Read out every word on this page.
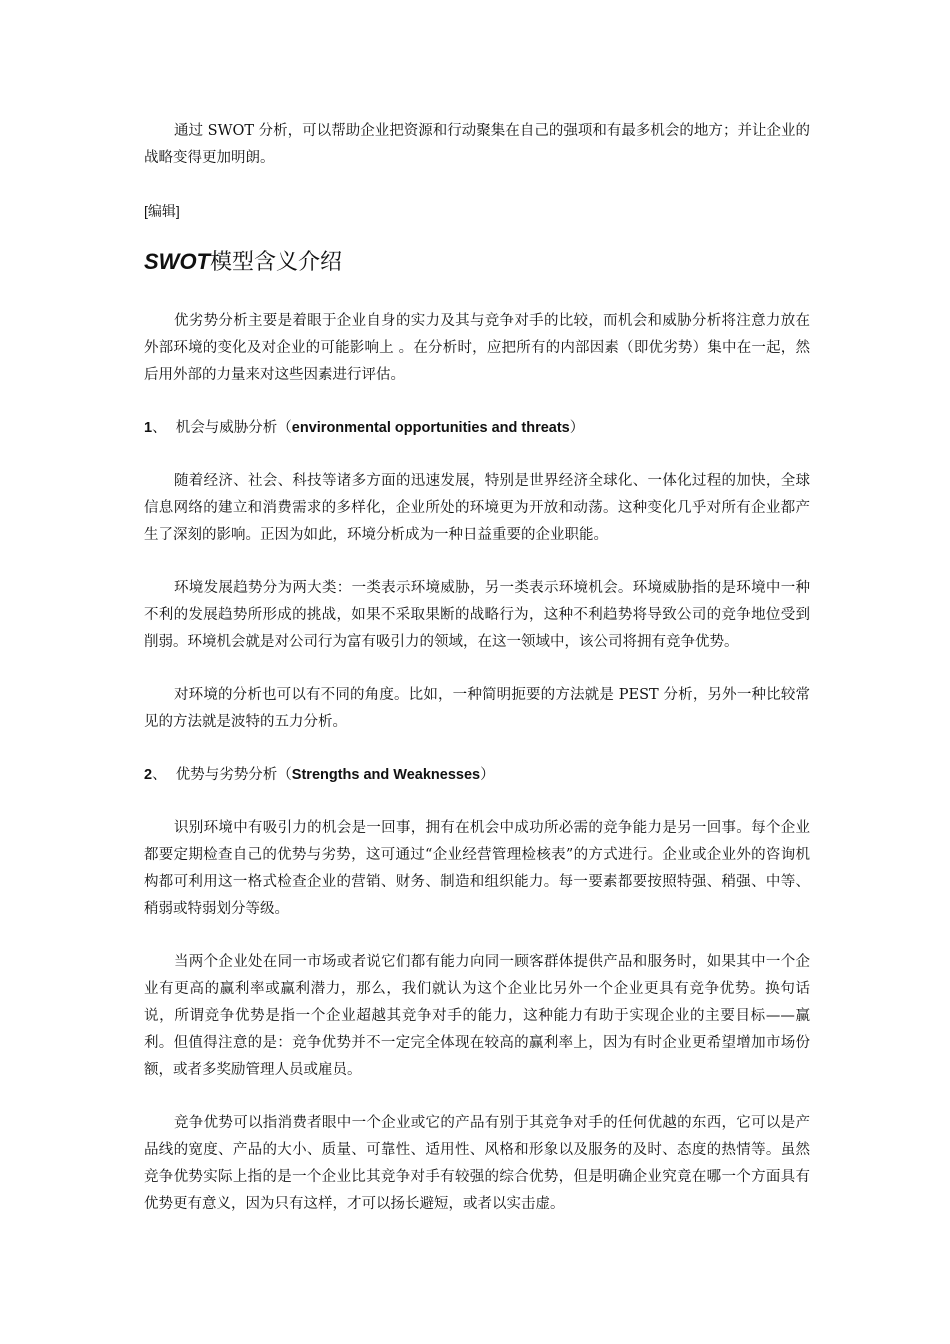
通过 SWOT 分析，可以帮助企业把资源和行动聚集在自己的强项和有最多机会的地方；并让企业的战略变得更加明朗。

[编辑]

SWOT模型含义介绍

优劣势分析主要是着眼于企业自身的实力及其与竞争对手的比较，而机会和威胁分析将注意力放在外部环境的变化及对企业的可能影响上 。在分析时，应把所有的内部因素（即优劣势）集中在一起，然后用外部的力量来对这些因素进行评估。

1、 机会与威胁分析（environmental opportunities and threats）

随着经济、社会、科技等诸多方面的迅速发展，特别是世界经济全球化、一体化过程的加快，全球信息网络的建立和消费需求的多样化，企业所处的环境更为开放和动荡。这种变化几乎对所有企业都产生了深刻的影响。正因为如此，环境分析成为一种日益重要的企业职能。

环境发展趋势分为两大类：一类表示环境威胁，另一类表示环境机会。环境威胁指的是环境中一种不利的发展趋势所形成的挑战，如果不采取果断的战略行为，这种不利趋势将导致公司的竞争地位受到削弱。环境机会就是对公司行为富有吸引力的领域，在这一领域中，该公司将拥有竞争优势。

对环境的分析也可以有不同的角度。比如，一种简明扼要的方法就是 PEST 分析，另外一种比较常见的方法就是波特的五力分析。

2、 优势与劣势分析（Strengths and Weaknesses）

识别环境中有吸引力的机会是一回事，拥有在机会中成功所必需的竞争能力是另一回事。每个企业都要定期检查自己的优势与劣势，这可通过“企业经营管理检核表”的方式进行。企业或企业外的咨询机构都可利用这一格式检查企业的营销、财务、制造和组织能力。每一要素都要按照特强、稍强、中等、稍弱或特弱划分等级。

当两个企业处在同一市场或者说它们都有能力向同一顾客群体提供产品和服务时，如果其中一个企业有更高的赢利率或赢利潜力，那么，我们就认为这个企业比另外一个企业更具有竞争优势。换句话说，所谓竞争优势是指一个企业超越其竞争对手的能力，这种能力有助于实现企业的主要目标——赢利。但值得注意的是：竞争优势并不一定完全体现在较高的赢利率上，因为有时企业更希望增加市场份额，或者多奖励管理人员或雇员。

竞争优势可以指消费者眼中一个企业或它的产品有别于其竞争对手的任何优越的东西，它可以是产品线的宽度、产品的大小、质量、可靠性、适用性、风格和形象以及服务的及时、态度的热情等。虽然竞争优势实际上指的是一个企业比其竞争对手有较强的综合优势，但是明确企业究竟在哪一个方面具有优势更有意义，因为只有这样，才可以扬长避短，或者以实击虚。
